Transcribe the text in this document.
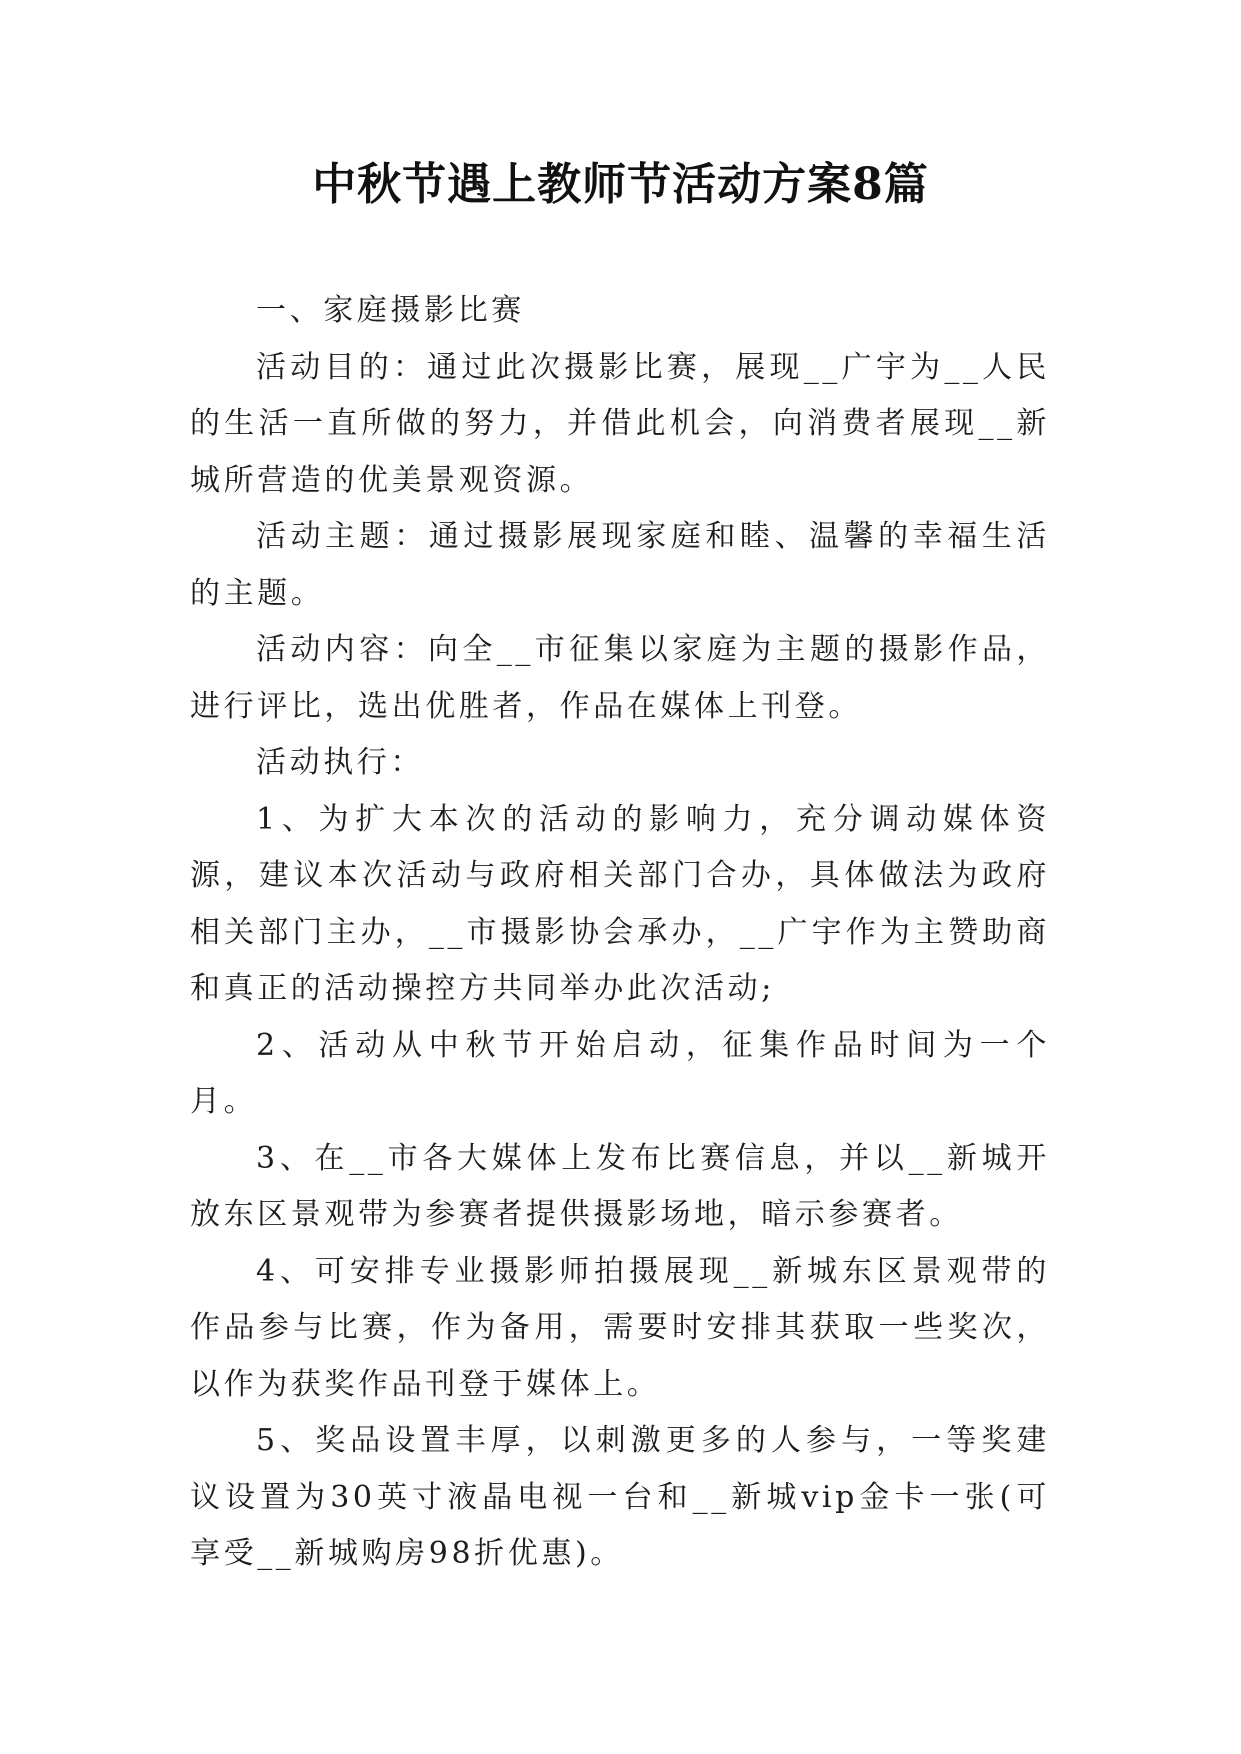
中秋节遇上教师节活动方案8篇

一、家庭摄影比赛

活动目的：通过此次摄影比赛，展现__广宇为__人民的生活一直所做的努力，并借此机会，向消费者展现__新城所营造的优美景观资源。

活动主题：通过摄影展现家庭和睦、温馨的幸福生活的主题。

活动内容：向全__市征集以家庭为主题的摄影作品，进行评比，选出优胜者，作品在媒体上刊登。

活动执行：

1、为扩大本次的活动的影响力，充分调动媒体资源，建议本次活动与政府相关部门合办，具体做法为政府相关部门主办，__市摄影协会承办，__广宇作为主赞助商和真正的活动操控方共同举办此次活动;

2、活动从中秋节开始启动，征集作品时间为一个月。

3、在__市各大媒体上发布比赛信息，并以__新城开放东区景观带为参赛者提供摄影场地，暗示参赛者。

4、可安排专业摄影师拍摄展现__新城东区景观带的作品参与比赛，作为备用，需要时安排其获取一些奖次，以作为获奖作品刊登于媒体上。

5、奖品设置丰厚，以刺激更多的人参与，一等奖建议设置为30英寸液晶电视一台和__新城vip金卡一张(可享受__新城购房98折优惠)。
